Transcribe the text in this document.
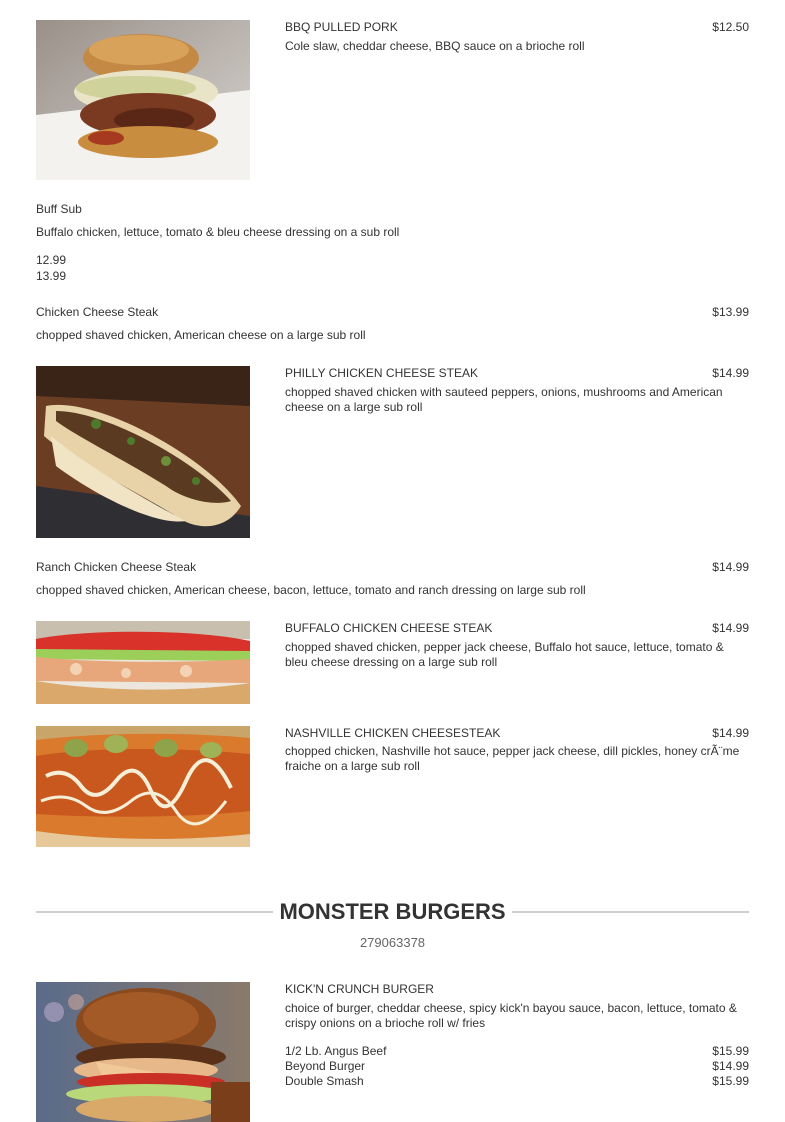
BBQ PULLED PORK	$12.50
Cole slaw, cheddar cheese, BBQ sauce on a brioche roll
Buff Sub
Buffalo chicken, lettuce, tomato & bleu cheese dressing on a sub roll
12.99
13.99
Chicken Cheese Steak	$13.99
chopped shaved chicken, American cheese on a large sub roll
PHILLY CHICKEN CHEESE STEAK	$14.99
chopped shaved chicken with sauteed peppers, onions, mushrooms and American cheese on a large sub roll
Ranch Chicken Cheese Steak	$14.99
chopped shaved chicken, American cheese, bacon, lettuce, tomato and ranch dressing on large sub roll
BUFFALO CHICKEN CHEESE STEAK	$14.99
chopped shaved chicken, pepper jack cheese, Buffalo hot sauce, lettuce, tomato & bleu cheese dressing on a large sub roll
NASHVILLE CHICKEN CHEESESTEAK	$14.99
chopped chicken, Nashville hot sauce, pepper jack cheese, dill pickles, honey crÃ¨me fraiche on a large sub roll
MONSTER BURGERS
279063378
KICK'N CRUNCH BURGER
choice of burger, cheddar cheese, spicy kick'n bayou sauce, bacon, lettuce, tomato & crispy onions on a brioche roll w/ fries
1/2 Lb. Angus Beef	$15.99
Beyond Burger	$14.99
Double Smash	$15.99
